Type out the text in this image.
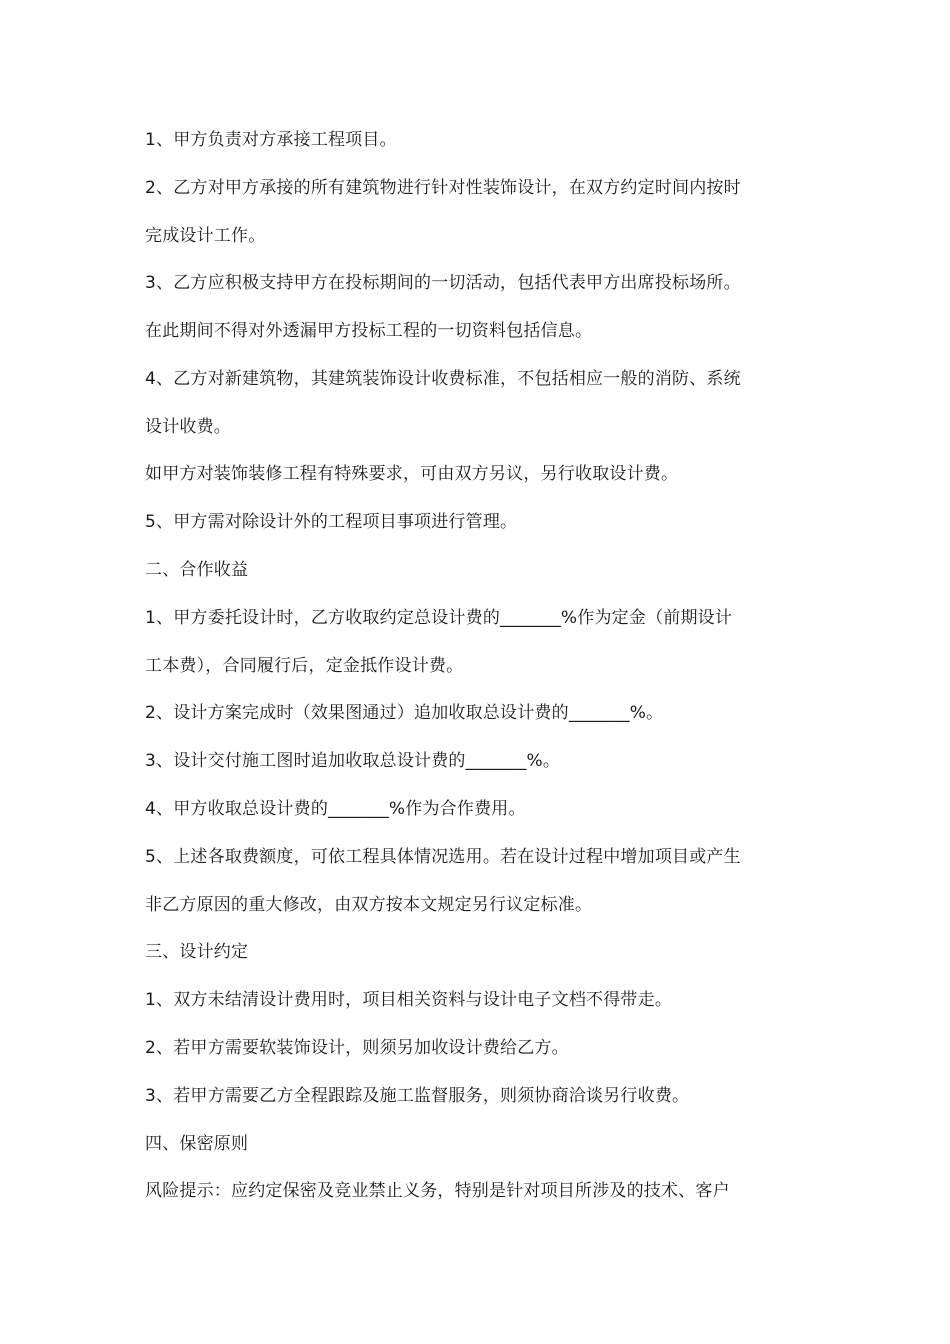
1、甲方负责对方承接工程项目。
2、乙方对甲方承接的所有建筑物进行针对性装饰设计，在双方约定时间内按时
完成设计工作。
3、乙方应积极支持甲方在投标期间的一切活动，包括代表甲方出席投标场所。
在此期间不得对外透漏甲方投标工程的一切资料包括信息。
4、乙方对新建筑物，其建筑装饰设计收费标准，不包括相应一般的消防、系统
设计收费。
如甲方对装饰装修工程有特殊要求，可由双方另议，另行收取设计费。
5、甲方需对除设计外的工程项目事项进行管理。
二、合作收益
1、甲方委托设计时，乙方收取约定总设计费的_______%作为定金（前期设计
工本费），合同履行后，定金抵作设计费。
2、设计方案完成时（效果图通过）追加收取总设计费的_______%。
3、设计交付施工图时追加收取总设计费的_______%。
4、甲方收取总设计费的_______%作为合作费用。
5、上述各取费额度，可依工程具体情况选用。若在设计过程中增加项目或产生
非乙方原因的重大修改，由双方按本文规定另行议定标准。
三、设计约定
1、双方未结清设计费用时，项目相关资料与设计电子文档不得带走。
2、若甲方需要软装饰设计，则须另加收设计费给乙方。
3、若甲方需要乙方全程跟踪及施工监督服务，则须协商洽谈另行收费。
四、保密原则
风险提示：应约定保密及竞业禁止义务，特别是针对项目所涉及的技术、客户
